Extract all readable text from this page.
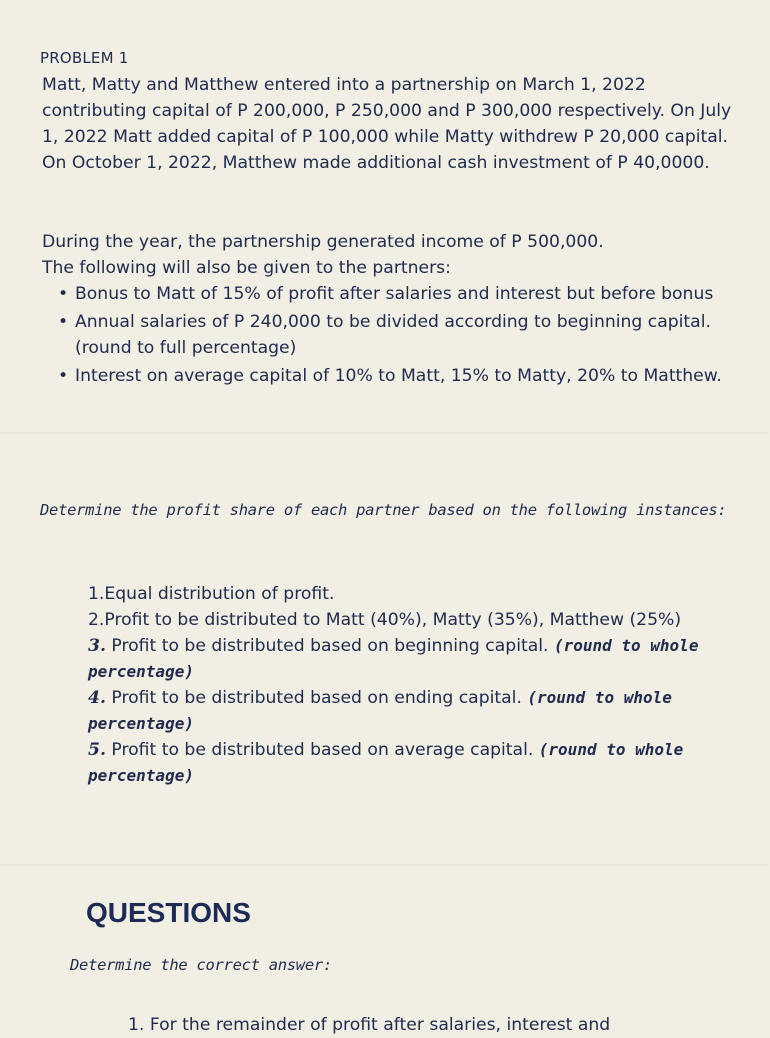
PROBLEM 1
Matt, Matty and Matthew entered into a partnership on March 1, 2022 contributing capital of P 200,000, P 250,000 and P 300,000 respectively. On July 1, 2022 Matt added capital of P 100,000 while Matty withdrew P 20,000 capital. On October 1, 2022, Matthew made additional cash investment of P 40,0000.
During the year, the partnership generated income of P 500,000.
The following will also be given to the partners:
• Bonus to Matt of 15% of profit after salaries and interest but before bonus
• Annual salaries of P 240,000 to be divided according to beginning capital. (round to full percentage)
• Interest on average capital of 10% to Matt, 15% to Matty, 20% to Matthew.
Determine the profit share of each partner based on the following instances:
1.Equal distribution of profit.
2.Profit to be distributed to Matt (40%), Matty (35%), Matthew (25%)
3. Profit to be distributed based on beginning capital. (round to whole percentage)
4. Profit to be distributed based on ending capital. (round to whole percentage)
5. Profit to be distributed based on average capital. (round to whole percentage)
QUESTIONS
Determine the correct answer:
1. For the remainder of profit after salaries, interest and
